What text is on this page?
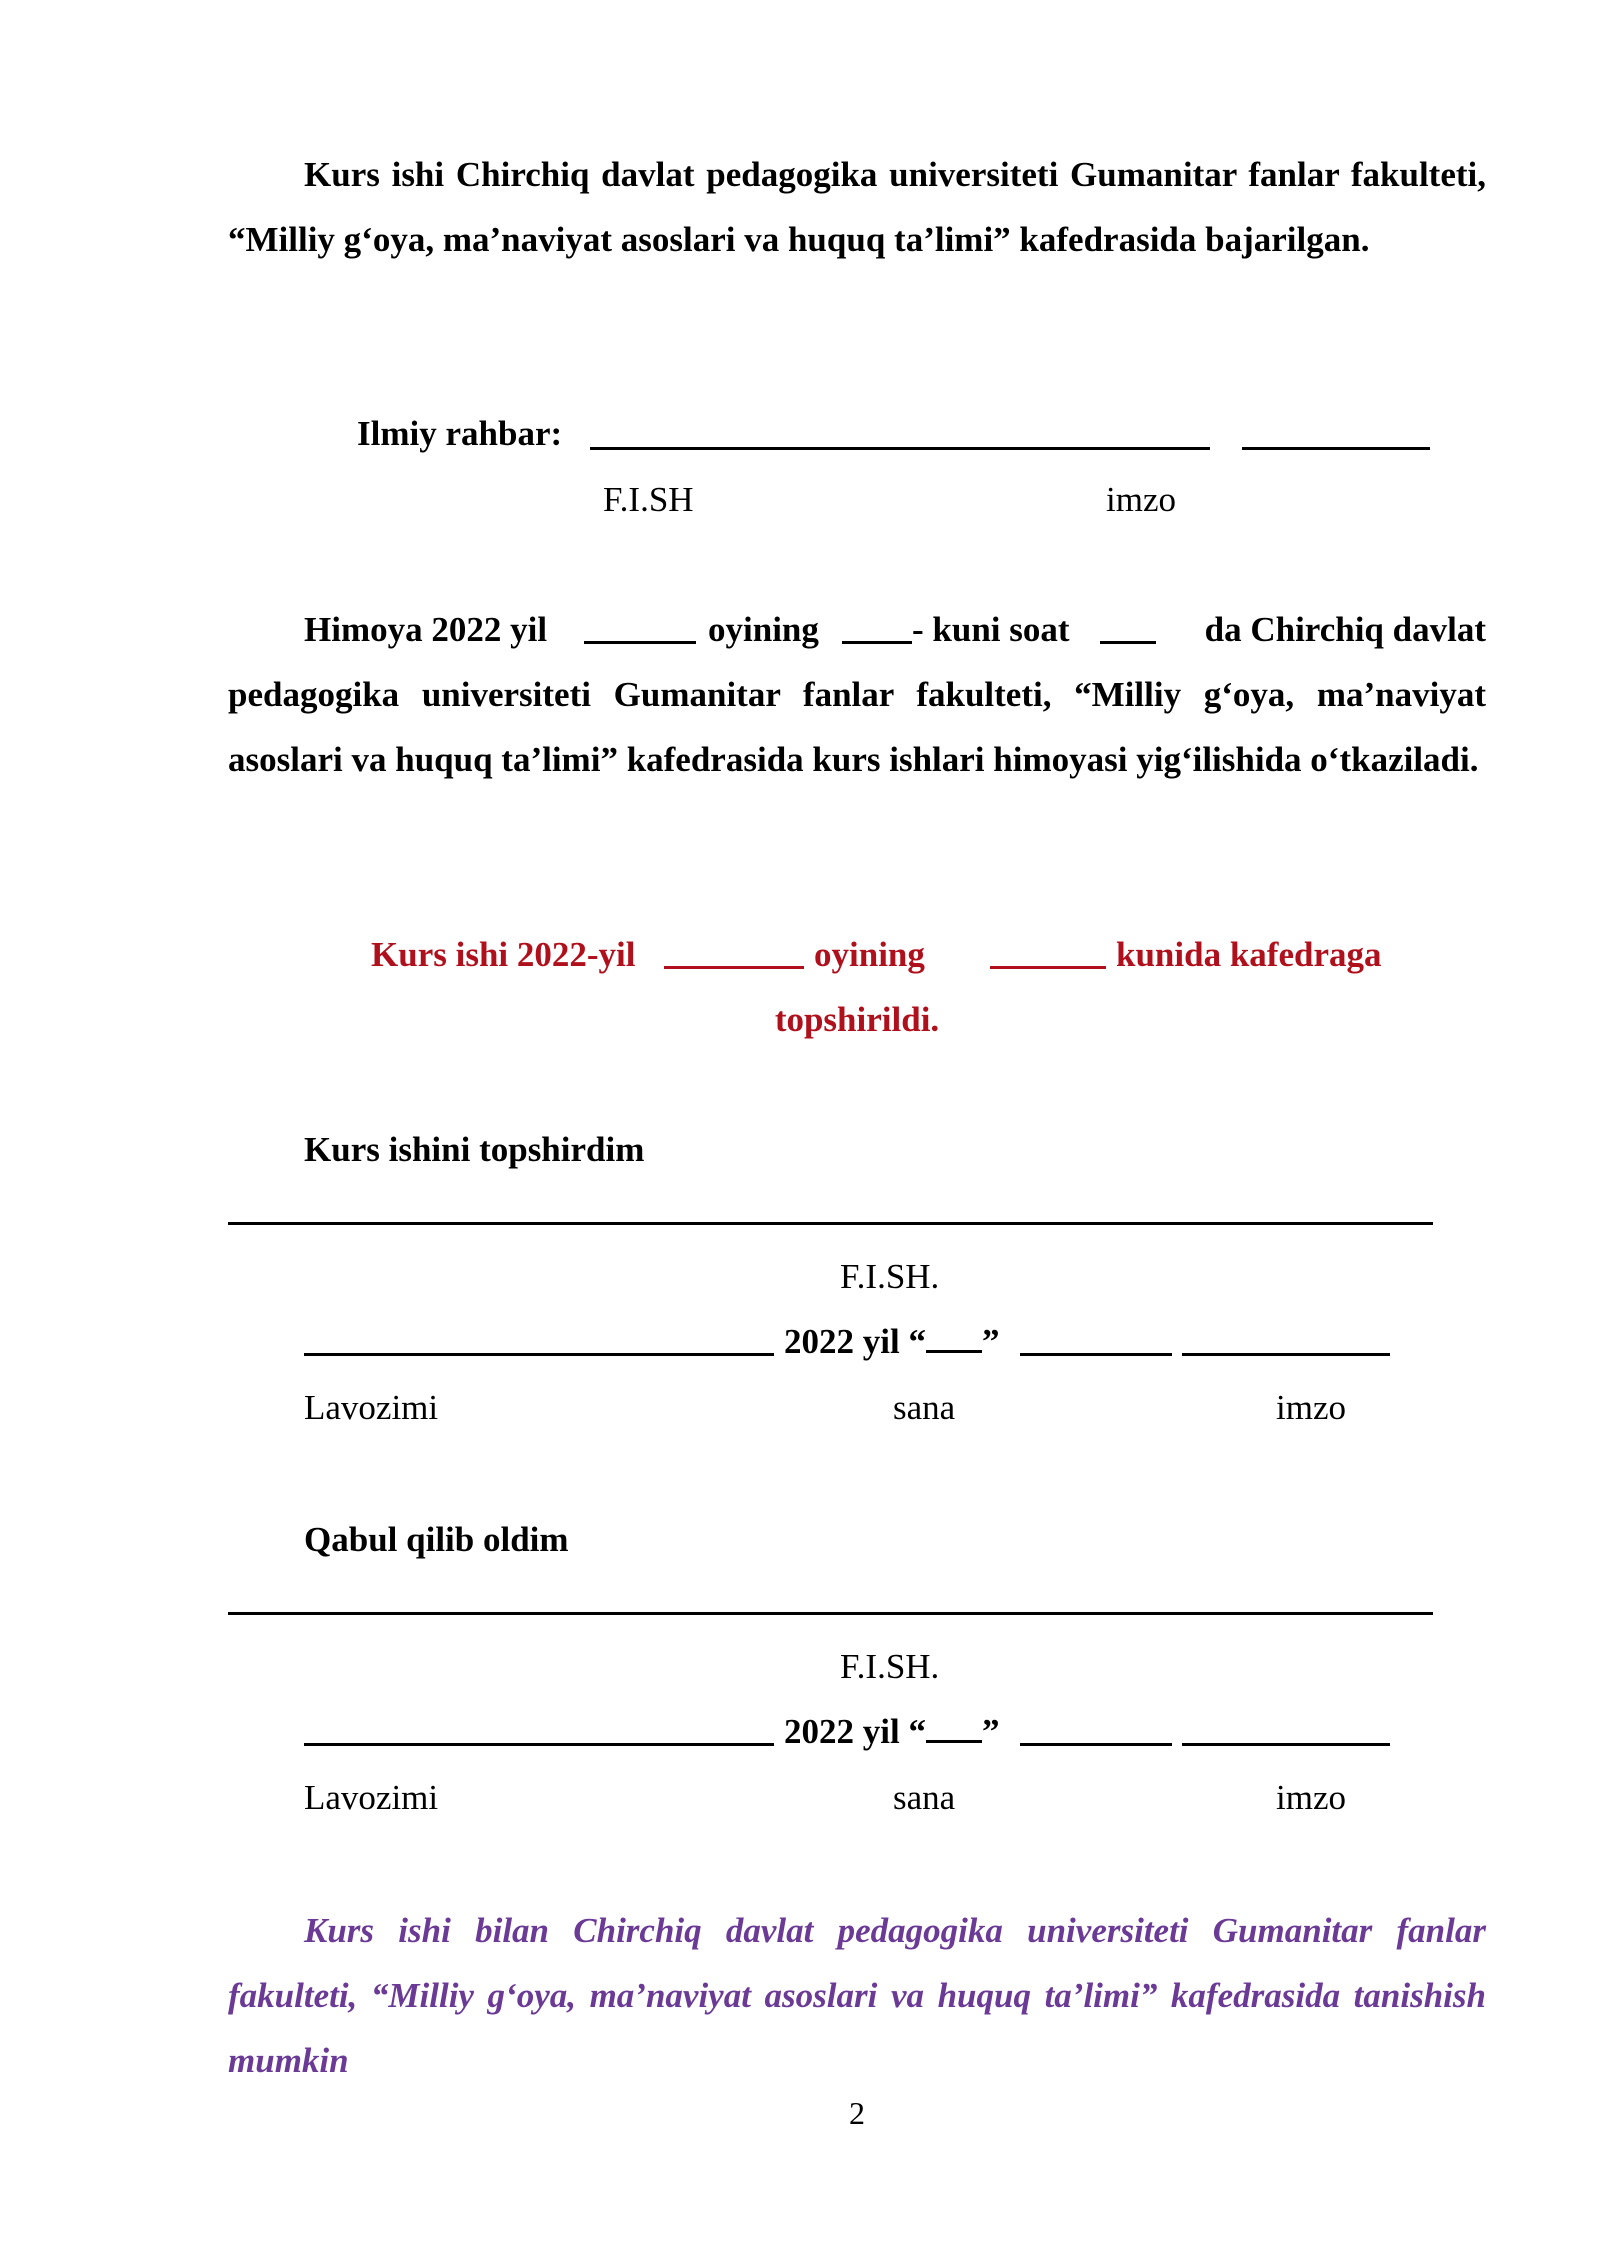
Kurs ishi Chirchiq davlat pedagogika universiteti Gumanitar fanlar fakulteti, “Milliy g‘oya, ma’naviyat asoslari va huquq ta’limi” kafedrasida bajarilgan.
Ilmiy rahbar:
F.I.SH	imzo
Himoya 2022 yil	oyining	- kuni soat	da Chirchiq davlat
pedagogika universiteti Gumanitar fanlar fakulteti, “Milliy g‘oya, ma’naviyat asoslari va huquq ta’limi” kafedrasida kurs ishlari himoyasi yig‘ilishida o‘tkaziladi.
Kurs ishi 2022-yil	oyining	kunida kafedraga
topshirildi.
Kurs ishini topshirdim
F.I.SH.
2022 yil “ ”
Lavozimi	sana	imzo
Qabul qilib oldim
F.I.SH.
2022 yil “ ”
Lavozimi	sana	imzo
Kurs ishi bilan Chirchiq davlat pedagogika universiteti Gumanitar fanlar fakulteti, “Milliy g‘oya, ma’naviyat asoslari va huquq ta’limi” kafedrasida tanishish mumkin
2
